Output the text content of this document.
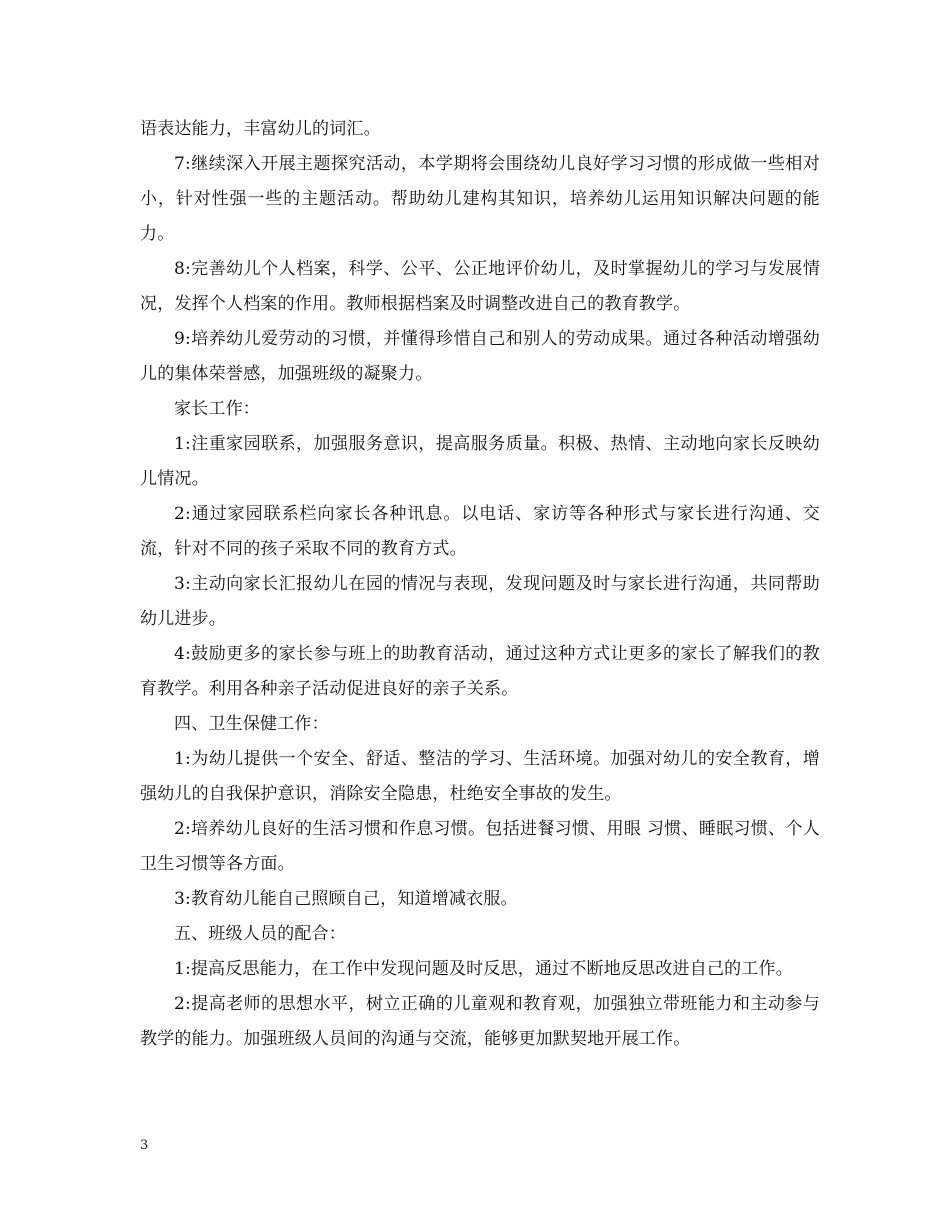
语表达能力，丰富幼儿的词汇。

7:继续深入开展主题探究活动，本学期将会围绕幼儿良好学习习惯的形成做一些相对小，针对性强一些的主题活动。帮助幼儿建构其知识，培养幼儿运用知识解决问题的能力。

8:完善幼儿个人档案，科学、公平、公正地评价幼儿，及时掌握幼儿的学习与发展情况，发挥个人档案的作用。教师根据档案及时调整改进自己的教育教学。

9:培养幼儿爱劳动的习惯，并懂得珍惜自己和别人的劳动成果。通过各种活动增强幼儿的集体荣誉感，加强班级的凝聚力。

家长工作：

1:注重家园联系，加强服务意识，提高服务质量。积极、热情、主动地向家长反映幼儿情况。

2:通过家园联系栏向家长各种讯息。以电话、家访等各种形式与家长进行沟通、交流，针对不同的孩子采取不同的教育方式。

3:主动向家长汇报幼儿在园的情况与表现，发现问题及时与家长进行沟通，共同帮助幼儿进步。

4:鼓励更多的家长参与班上的助教育活动，通过这种方式让更多的家长了解我们的教育教学。利用各种亲子活动促进良好的亲子关系。

四、卫生保健工作：

1:为幼儿提供一个安全、舒适、整洁的学习、生活环境。加强对幼儿的安全教育，增强幼儿的自我保护意识，消除安全隐患，杜绝安全事故的发生。

2:培养幼儿良好的生活习惯和作息习惯。包括进餐习惯、用眼 习惯、睡眠习惯、个人卫生习惯等各方面。

3:教育幼儿能自己照顾自己，知道增减衣服。

五、班级人员的配合：

1:提高反思能力，在工作中发现问题及时反思，通过不断地反思改进自己的工作。

2:提高老师的思想水平，树立正确的儿童观和教育观，加强独立带班能力和主动参与教学的能力。加强班级人员间的沟通与交流，能够更加默契地开展工作。

3
